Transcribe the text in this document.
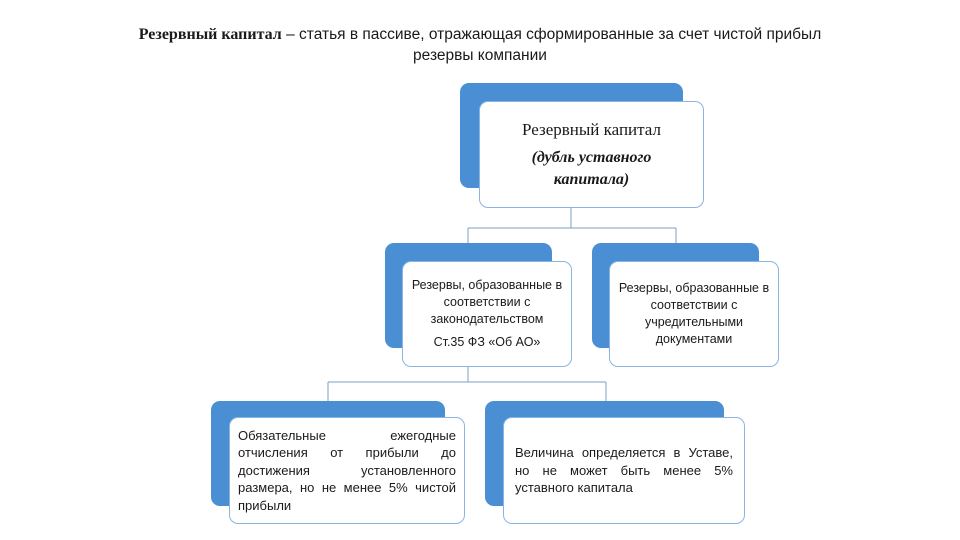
Резервный капитал – статья в пассиве, отражающая сформированные за счет чистой прибыл
резервы компании
Резервный капитал
(дубль уставного капитала)
Резервы, образованные в соответствии с законодательством
Ст.35 ФЗ «Об АО»
Резервы, образованные в соответствии с учредительными документами
Обязательные ежегодные отчисления от прибыли до достижения установленного размера, но не менее 5% чистой прибыли
Величина определяется в Уставе, но не может быть менее 5% уставного капитала
